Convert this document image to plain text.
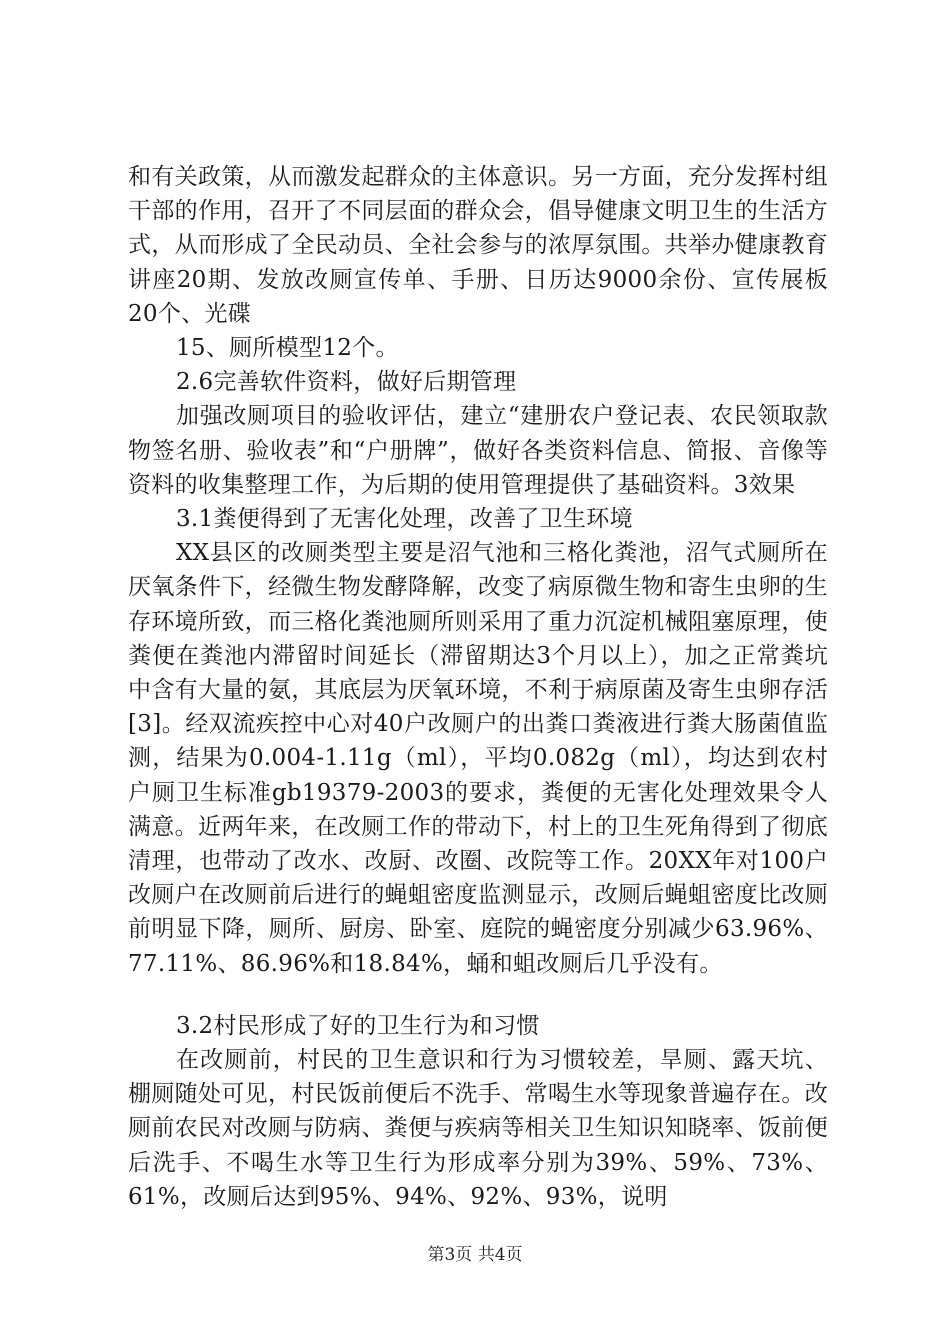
和有关政策，从而激发起群众的主体意识。另一方面，充分发挥村组干部的作用，召开了不同层面的群众会，倡导健康文明卫生的生活方式，从而形成了全民动员、全社会参与的浓厚氛围。共举办健康教育讲座20期、发放改厕宣传单、手册、日历达9000余份、宣传展板20个、光碟

15、厕所模型12个。

2.6完善软件资料，做好后期管理

加强改厕项目的验收评估，建立“建册农户登记表、农民领取款物签名册、验收表”和“户册牌”，做好各类资料信息、简报、音像等资料的收集整理工作，为后期的使用管理提供了基础资料。3效果

3.1粪便得到了无害化处理，改善了卫生环境

XX县区的改厕类型主要是沼气池和三格化粪池，沼气式厕所在厌氧条件下，经微生物发酵降解，改变了病原微生物和寄生虫卵的生存环境所致，而三格化粪池厕所则采用了重力沉淀机械阻塞原理，使粪便在粪池内滞留时间延长（滞留期达3个月以上），加之正常粪坑中含有大量的氨，其底层为厌氧环境，不利于病原菌及寄生虫卵存活[3]。经双流疾控中心对40户改厕户的出粪口粪液进行粪大肠菌值监测，结果为0.004-1.11g（ml），平均0.082g（ml），均达到农村户厕卫生标准gb19379-2003的要求，粪便的无害化处理效果令人满意。近两年来，在改厕工作的带动下，村上的卫生死角得到了彻底清理，也带动了改水、改厨、改圈、改院等工作。20XX年对100户改厕户在改厕前后进行的蝇蛆密度监测显示，改厕后蝇蛆密度比改厕前明显下降，厕所、厨房、卧室、庭院的蝇密度分别减少63.96%、77.11%、86.96%和18.84%，蛹和蛆改厕后几乎没有。

3.2村民形成了好的卫生行为和习惯

在改厕前，村民的卫生意识和行为习惯较差，旱厕、露天坑、棚厕随处可见，村民饭前便后不洗手、常喝生水等现象普遍存在。改厕前农民对改厕与防病、粪便与疾病等相关卫生知识知晓率、饭前便后洗手、不喝生水等卫生行为形成率分别为39%、59%、73%、61%，改厕后达到95%、94%、92%、93%，说明

第3页 共4页
